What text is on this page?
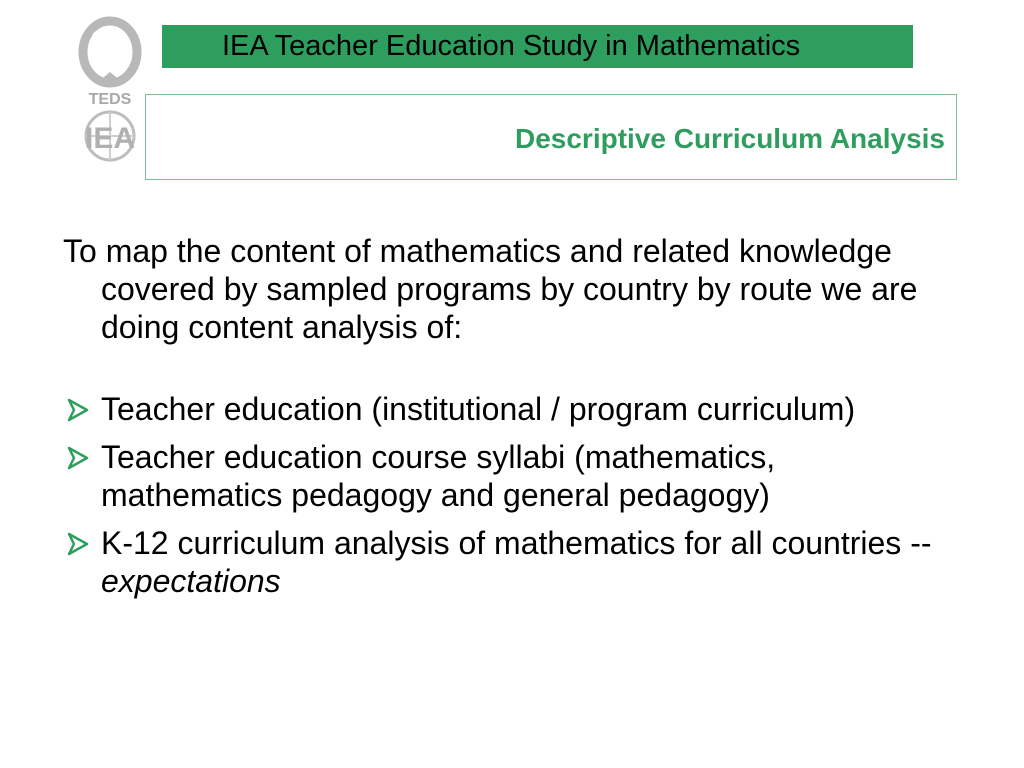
TEDS
IEA
IEA Teacher Education Study in Mathematics
Descriptive Curriculum Analysis

To map the content of mathematics and related knowledge covered by sampled programs by country by route we are doing content analysis of:

Teacher education (institutional / program curriculum)
Teacher education course syllabi (mathematics, mathematics pedagogy and general pedagogy)
K-12 curriculum analysis of mathematics for all countries --expectations
